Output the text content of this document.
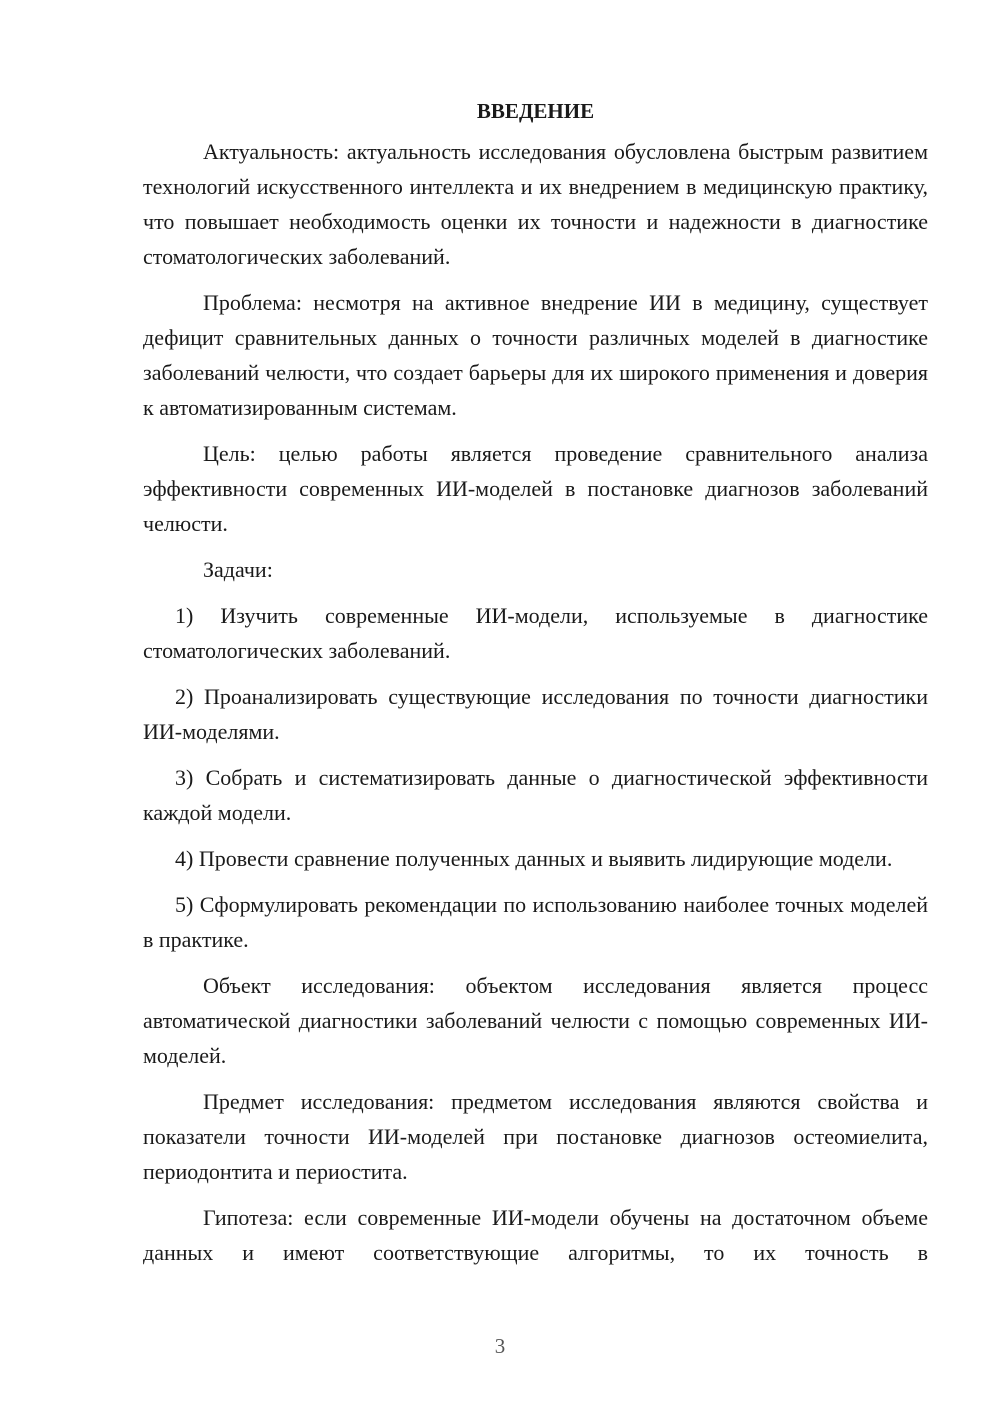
ВВЕДЕНИЕ

Актуальность: актуальность исследования обусловлена быстрым развитием технологий искусственного интеллекта и их внедрением в медицинскую практику, что повышает необходимость оценки их точности и надежности в диагностике стоматологических заболеваний.

Проблема: несмотря на активное внедрение ИИ в медицину, существует дефицит сравнительных данных о точности различных моделей в диагностике заболеваний челюсти, что создает барьеры для их широкого применения и доверия к автоматизированным системам.

Цель: целью работы является проведение сравнительного анализа эффективности современных ИИ-моделей в постановке диагнозов заболеваний челюсти.

Задачи:

1) Изучить современные ИИ-модели, используемые в диагностике стоматологических заболеваний.

2) Проанализировать существующие исследования по точности диагностики ИИ-моделями.

3) Собрать и систематизировать данные о диагностической эффективности каждой модели.

4) Провести сравнение полученных данных и выявить лидирующие модели.

5) Сформулировать рекомендации по использованию наиболее точных моделей в практике.

Объект исследования: объектом исследования является процесс автоматической диагностики заболеваний челюсти с помощью современных ИИ-моделей.

Предмет исследования: предметом исследования являются свойства и показатели точности ИИ-моделей при постановке диагнозов остеомиелита, периодонтита и периостита.

Гипотеза: если современные ИИ-модели обучены на достаточном объеме данных и имеют соответствующие алгоритмы, то их точность в

3
